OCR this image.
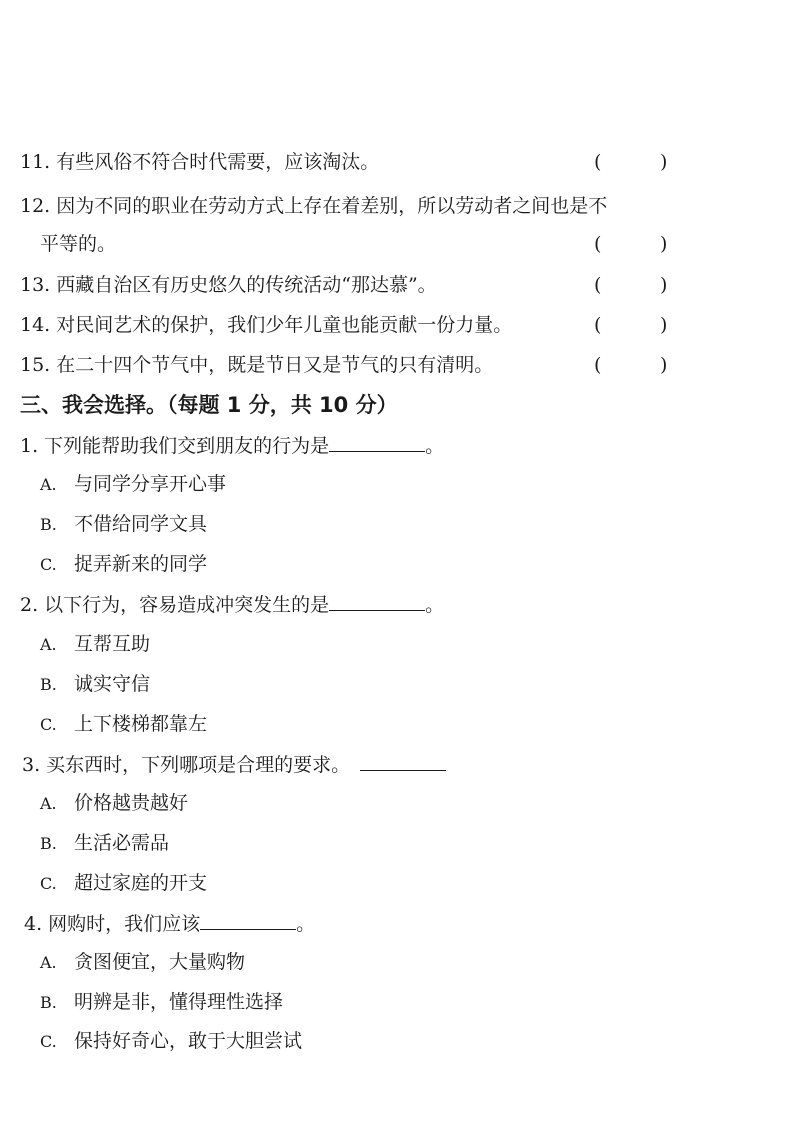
11. 有些风俗不符合时代需要，应该淘汰。	(	)
12. 因为不同的职业在劳动方式上存在着差别，所以劳动者之间也是不
平等的。	(	)
13. 西藏自治区有历史悠久的传统活动“那达慕”。	(	)
14. 对民间艺术的保护，我们少年儿童也能贡献一份力量。	(	)
15. 在二十四个节气中，既是节日又是节气的只有清明。	(	)
三、我会选择。（每题 1 分，共 10 分）
1. 下列能帮助我们交到朋友的行为是	。
A. 与同学分享开心事
B. 不借给同学文具
C. 捉弄新来的同学
2. 以下行为，容易造成冲突发生的是	。
A. 互帮互助
B. 诚实守信
C. 上下楼梯都靠左
3. 买东西时，下列哪项是合理的要求。
A. 价格越贵越好
B. 生活必需品
C. 超过家庭的开支
4. 网购时，我们应该	。
A. 贪图便宜，大量购物
B. 明辨是非，懂得理性选择
C. 保持好奇心，敢于大胆尝试
